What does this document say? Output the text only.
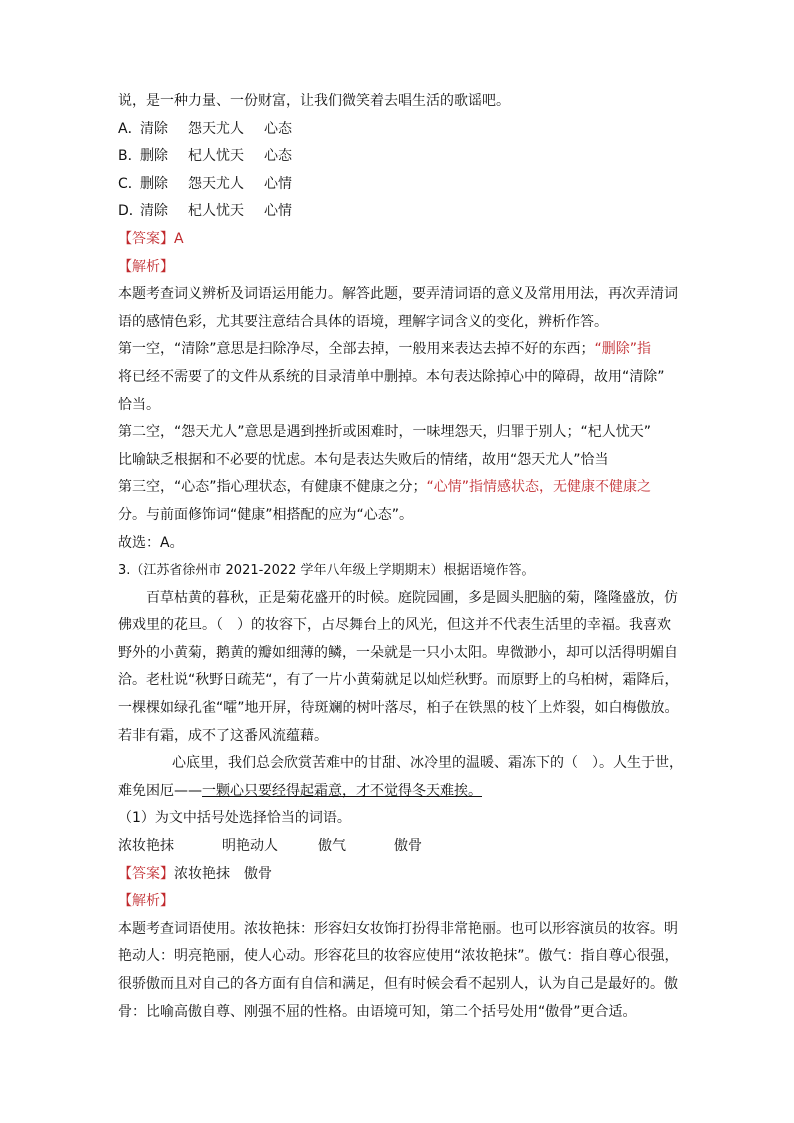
说，是一种力量、一份财富，让我们微笑着去唱生活的歌谣吧。
A．清除 怨天尤人 心态
B．删除 杞人忧天 心态
C．删除 怨天尤人 心情
D．清除 杞人忧天 心情
【答案】A
【解析】
本题考查词义辨析及词语运用能力。解答此题，要弄清词语的意义及常用用法，再次弄清词
语的感情色彩，尤其要注意结合具体的语境，理解字词含义的变化，辨析作答。
第一空，“清除”意思是扫除净尽，全部去掉，一般用来表达去掉不好的东西；“删除”指
将已经不需要了的文件从系统的目录清单中删掉。本句表达除掉心中的障碍，故用“清除”
恰当。
第二空，“怨天尤人”意思是遇到挫折或困难时，一味埋怨天，归罪于别人；“杞人忧天”
比喻缺乏根据和不必要的忧虑。本句是表达失败后的情绪，故用“怨天尤人”恰当
第三空，“心态”指心理状态，有健康不健康之分；“心情”指情感状态，无健康不健康之
分。与前面修饰词“健康”相搭配的应为“心态”。
故选：A。
3.（江苏省徐州市 2021-2022 学年八年级上学期期末）根据语境作答。
百草枯黄的暮秋，正是菊花盛开的时候。庭院园圃，多是圆头肥脑的菊，隆隆盛放，仿
佛戏里的花旦。（ ）的妆容下，占尽舞台上的风光，但这并不代表生活里的幸福。我喜欢
野外的小黄菊，鹅黄的瓣如细薄的鳞，一朵就是一只小太阳。卑微渺小，却可以活得明媚自
洽。老杜说“秋野日疏芜“，有了一片小黄菊就足以灿烂秋野。而原野上的乌桕树，霜降后，
一棵棵如绿孔雀“嚯”地开屏，待斑斓的树叶落尽，桕子在铁黑的枝丫上炸裂，如白梅傲放。
若非有霜，成不了这番风流蕴藉。
心底里，我们总会欣赏苦难中的甘甜、冰冷里的温暖、霜冻下的（ ）。人生于世，
难免困厄——一颗心只要经得起霜意，才不觉得冬天难挨。
（1）为文中括号处选择恰当的词语。
浓妆艳抹	明艳动人	傲气	傲骨
【答案】浓妆艳抹　傲骨
【解析】
本题考查词语使用。浓妆艳抹：形容妇女妆饰打扮得非常艳丽。也可以形容演员的妆容。明
艳动人：明亮艳丽，使人心动。形容花旦的妆容应使用“浓妆艳抹”。傲气：指自尊心很强，
很骄傲而且对自己的各方面有自信和满足，但有时候会看不起别人，认为自己是最好的。傲
骨：比喻高傲自尊、刚强不屈的性格。由语境可知，第二个括号处用“傲骨”更合适。
